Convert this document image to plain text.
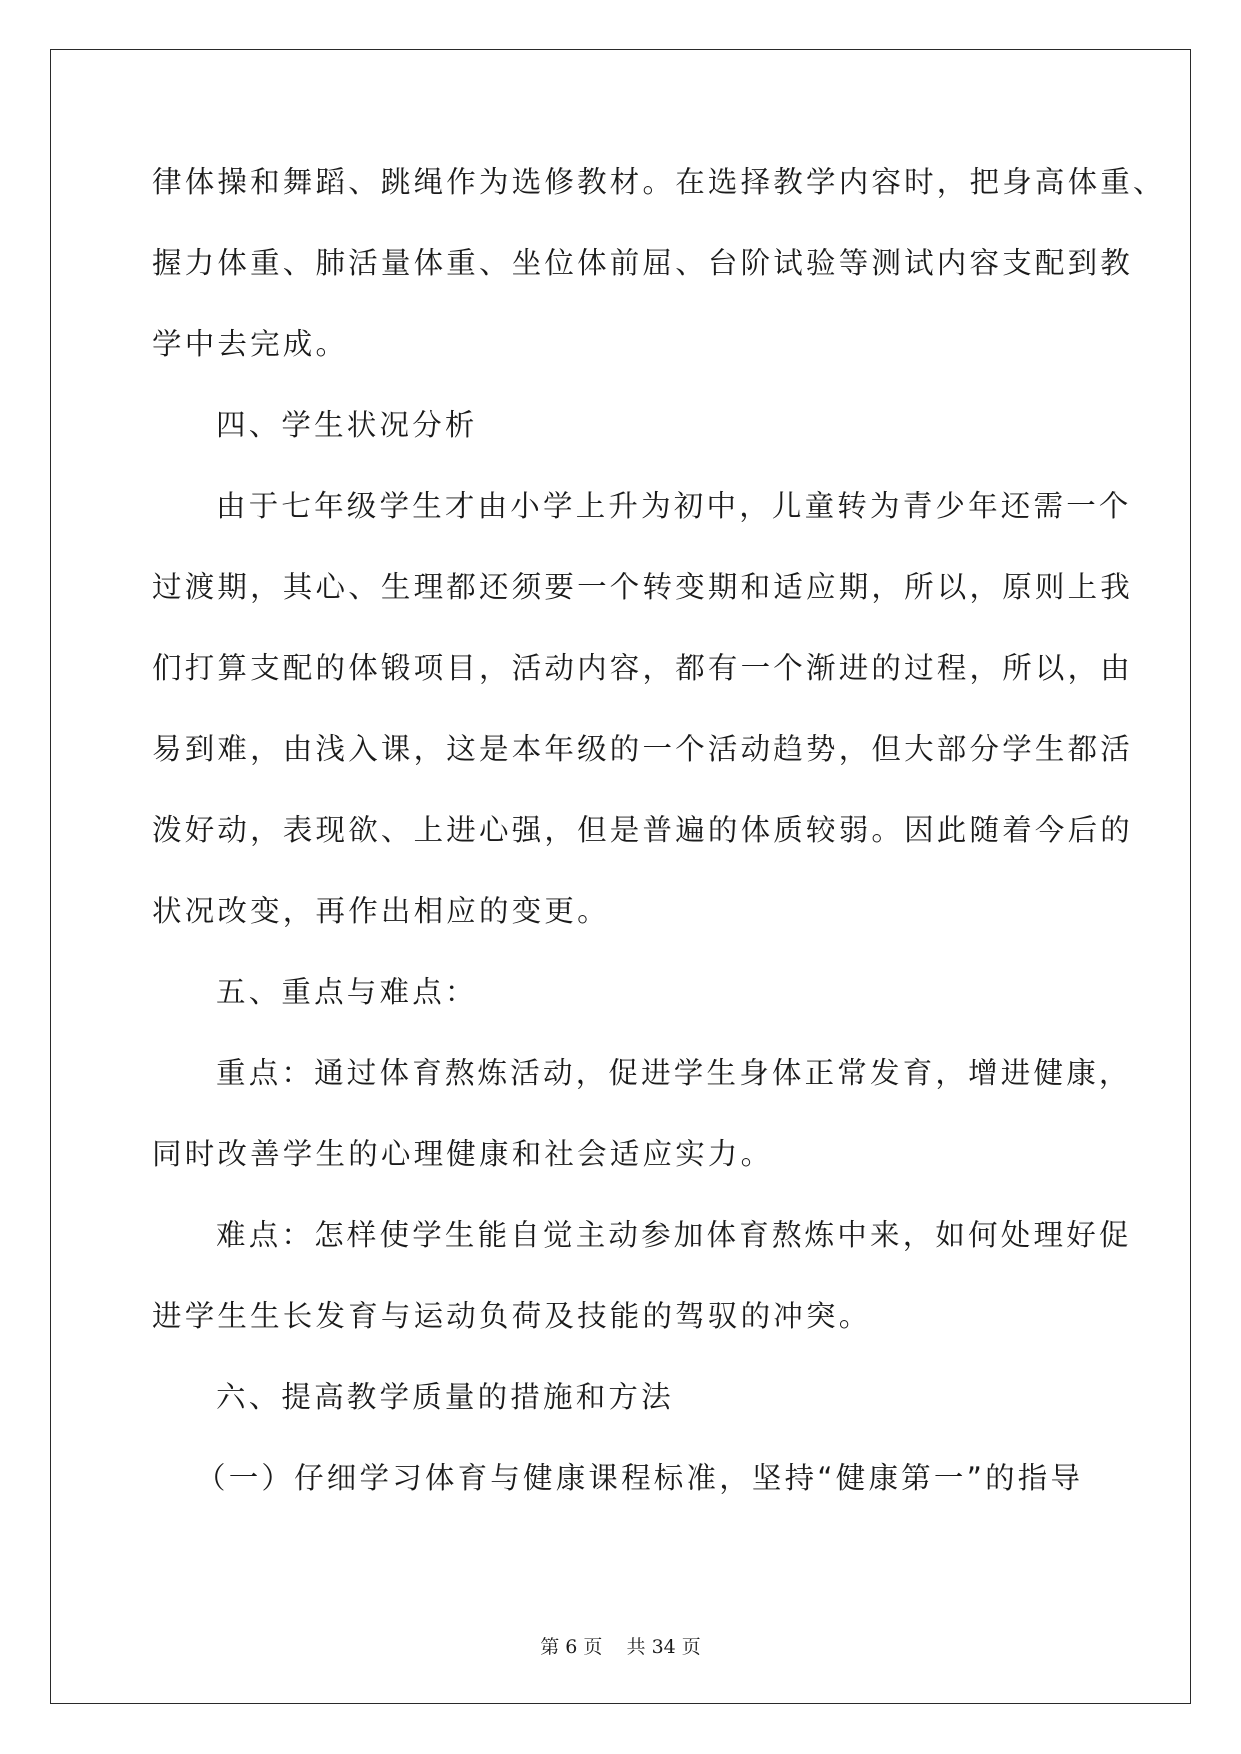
律体操和舞蹈、跳绳作为选修教材。在选择教学内容时，把身高体重、
握力体重、肺活量体重、坐位体前屈、台阶试验等测试内容支配到教
学中去完成。
四、学生状况分析
由于七年级学生才由小学上升为初中，儿童转为青少年还需一个
过渡期，其心、生理都还须要一个转变期和适应期，所以，原则上我
们打算支配的体锻项目，活动内容，都有一个渐进的过程，所以，由
易到难，由浅入课，这是本年级的一个活动趋势，但大部分学生都活
泼好动，表现欲、上进心强，但是普遍的体质较弱。因此随着今后的
状况改变，再作出相应的变更。
五、重点与难点：
重点：通过体育熬炼活动，促进学生身体正常发育，增进健康，
同时改善学生的心理健康和社会适应实力。
难点：怎样使学生能自觉主动参加体育熬炼中来，如何处理好促
进学生生长发育与运动负荷及技能的驾驭的冲突。
六、提高教学质量的措施和方法
（一）仔细学习体育与健康课程标准，坚持“健康第一”的指导
第 6 页    共 34 页
